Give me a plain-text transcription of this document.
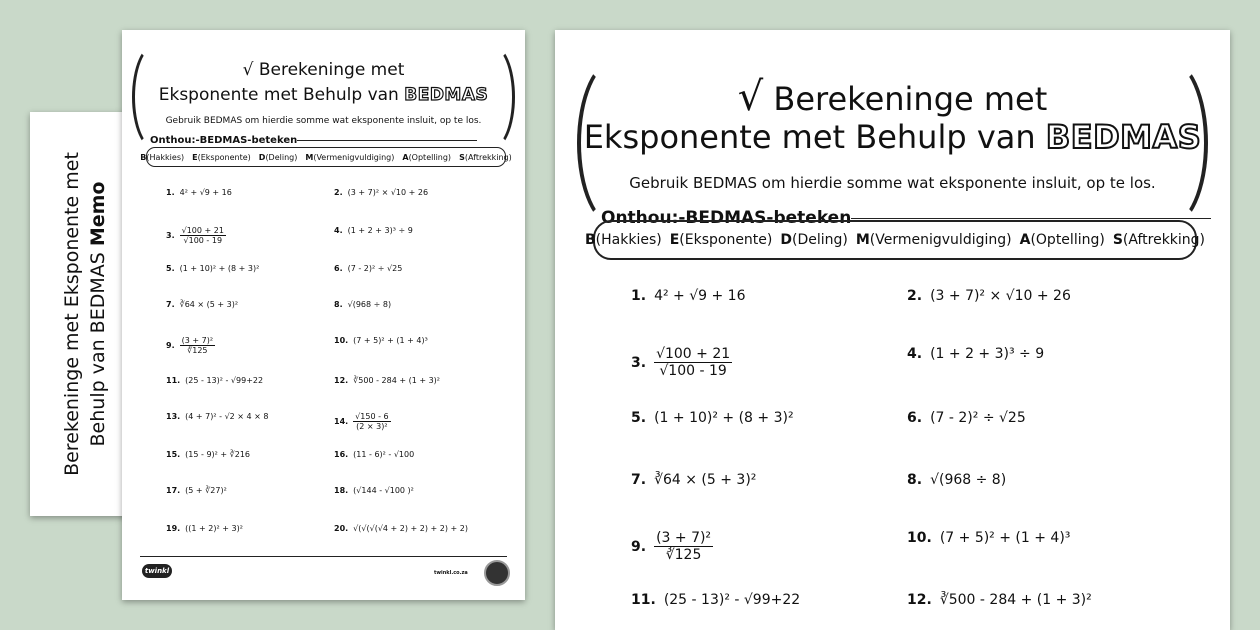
Berekeninge met Eksponente met Behulp van BEDMAS Memo
√ Berekeninge met
Eksponente met Behulp van BEDMAS
Gebruik BEDMAS om hierdie somme wat eksponente insluit, op te los.
Onthou:-BEDMAS-beteken
B(Hakkies) E(Eksponente) D(Deling) M(Vermenigvuldiging) A(Optelling) S(Aftrekking)
1. 4² + √9 + 16	2. (3 + 7)² × √10 + 26
3. $\frac{√100 + 21}{√100 - 19}$	4. (1 + 2 + 3)³ ÷ 9
5. (1 + 10)² + (8 + 3)²	6. (7 - 2)² ÷ √25
7. ∛64 × (5 + 3)²	8. √(968 ÷ 8)
9. $\frac{\text{(3 + 7)²}}{∛125}$	10. (7 + 5)² + (1 + 4)³
11. (25 - 13)² - √99+22	12. ∛500 - 284 + (1 + 3)²
13. (4 + 7)² - √2 × 4 × 8
14. $\frac{√150 - 6}{\text{(2 × 3)²}}$
15. (15 - 9)² + ∛216	16. (11 - 6)² - √100
17. (5 + ∛27)²	18. (√144 - √100 )²
19. ((1 + 2)² + 3)²	20. √(√(√(√4 + 2) + 2) + 2) + 2)
twinkl	twinkl.co.za
√ Berekeninge met
Eksponente met Behulp van BEDMAS
Gebruik BEDMAS om hierdie somme wat eksponente insluit, op te los.
Onthou:-BEDMAS-beteken
B(Hakkies) E(Eksponente) D(Deling) M(Vermenigvuldiging) A(Optelling) S(Aftrekking)
1. 4² + √9 + 16	2. (3 + 7)² × √10 + 26
3. $\frac{√100 + 21}{√100 - 19}$	4. (1 + 2 + 3)³ ÷ 9
5. (1 + 10)² + (8 + 3)²	6. (7 - 2)² ÷ √25
7. ∛64 × (5 + 3)²	8. √(968 ÷ 8)
9. $\frac{\text{(3 + 7)²}}{∛125}$	10. (7 + 5)² + (1 + 4)³
11. (25 - 13)² - √99+22	12. ∛500 - 284 + (1 + 3)²
